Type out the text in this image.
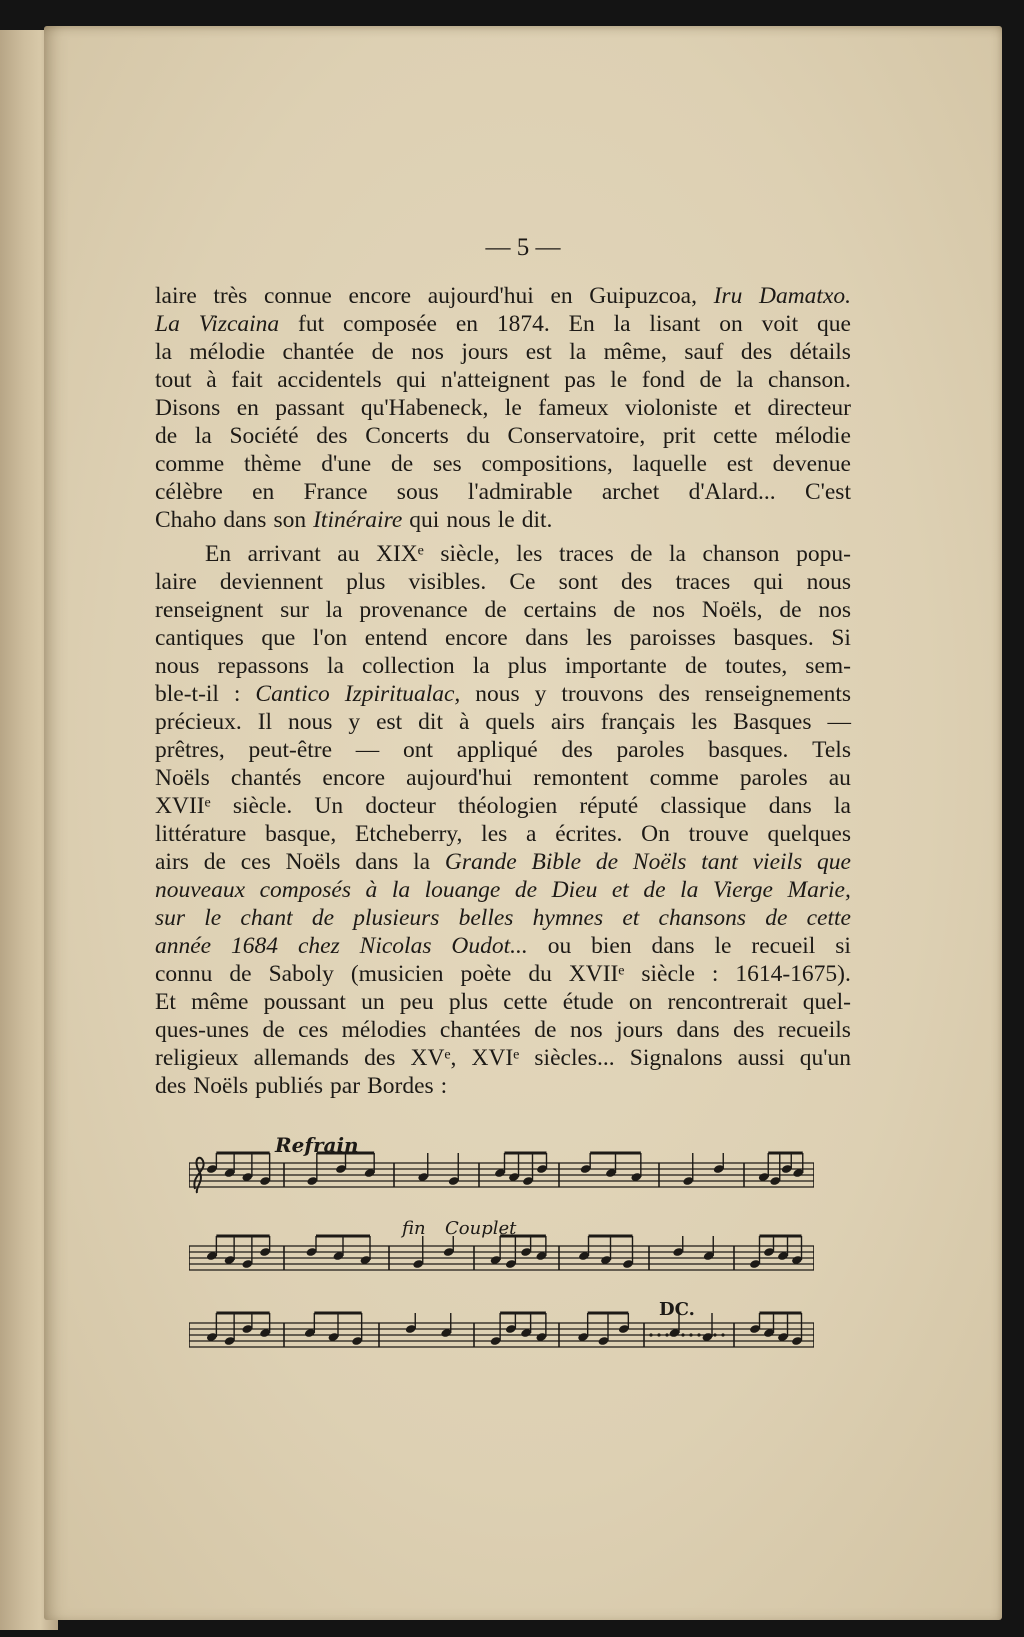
— 5 —
laire très connue encore aujourd'hui en Guipuzcoa, Iru Damatxo.
La Vizcaina fut composée en 1874. En la lisant on voit que
la mélodie chantée de nos jours est la même, sauf des détails
tout à fait accidentels qui n'atteignent pas le fond de la chanson.
Disons en passant qu'Habeneck, le fameux violoniste et directeur
de la Société des Concerts du Conservatoire, prit cette mélodie
comme thème d'une de ses compositions, laquelle est devenue
célèbre en France sous l'admirable archet d'Alard... C'est
Chaho dans son Itinéraire qui nous le dit.
En arrivant au XIXᵉ siècle, les traces de la chanson popu-
laire deviennent plus visibles. Ce sont des traces qui nous
renseignent sur la provenance de certains de nos Noëls, de nos
cantiques que l'on entend encore dans les paroisses basques. Si
nous repassons la collection la plus importante de toutes, sem-
ble-t-il : Cantico Izpiritualac, nous y trouvons des renseignements
précieux. Il nous y est dit à quels airs français les Basques —
prêtres, peut-être — ont appliqué des paroles basques. Tels
Noëls chantés encore aujourd'hui remontent comme paroles au
XVIIᵉ siècle. Un docteur théologien réputé classique dans la
littérature basque, Etcheberry, les a écrites. On trouve quelques
airs de ces Noëls dans la Grande Bible de Noëls tant vieils que
nouveaux composés à la louange de Dieu et de la Vierge Marie,
sur le chant de plusieurs belles hymnes et chansons de cette
année 1684 chez Nicolas Oudot... ou bien dans le recueil si
connu de Saboly (musicien poète du XVIIᵉ siècle : 1614-1675).
Et même poussant un peu plus cette étude on rencontrerait quel-
ques-unes de ces mélodies chantées de nos jours dans des recueils
religieux allemands des XVᵉ, XVIᵉ siècles... Signalons aussi qu'un
des Noëls publiés par Bordes :
Refrain
fin Couplet
DC.
